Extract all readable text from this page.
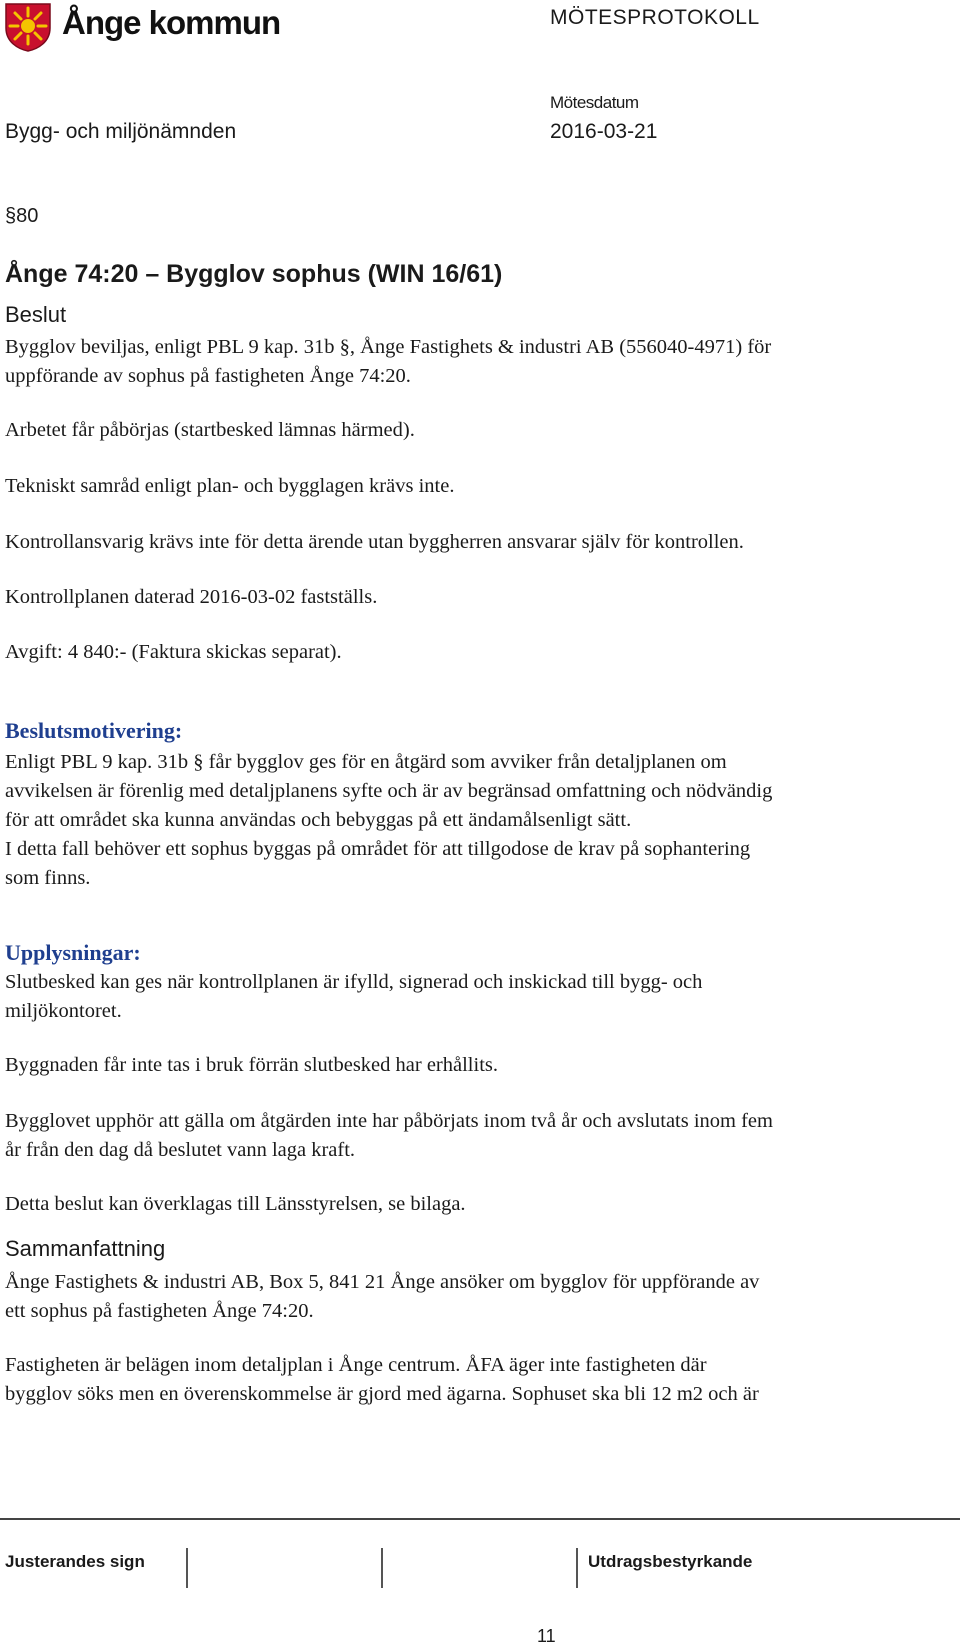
Ånge kommun	MÖTESPROTOKOLL
Mötesdatum
Bygg- och miljönämnden	2016-03-21
§80
Ånge 74:20 – Bygglov sophus (WIN 16/61)
Beslut

Bygglov beviljas, enligt PBL 9 kap. 31b §, Ånge Fastighets & industri AB (556040-4971) för

uppförande av sophus på fastigheten Ånge 74:20.

Arbetet får påbörjas (startbesked lämnas härmed).
Tekniskt samråd enligt plan- och bygglagen krävs inte.
Kontrollansvarig krävs inte för detta ärende utan byggherren ansvarar själv för kontrollen.
Kontrollplanen daterad 2016-03-02 fastställs.
Avgift: 4 840:- (Faktura skickas separat).
Beslutsmotivering:

Enligt PBL 9 kap. 31b § får bygglov ges för en åtgärd som avviker från detaljplanen om

avvikelsen är förenlig med detaljplanens syfte och är av begränsad omfattning och nödvändig

för att området ska kunna användas och bebyggas på ett ändamålsenligt sätt.

I detta fall behöver ett sophus byggas på området för att tillgodose de krav på sophantering

som finns.

Upplysningar:

Slutbesked kan ges när kontrollplanen är ifylld, signerad och inskickad till bygg- och

miljökontoret.

Byggnaden får inte tas i bruk förrän slutbesked har erhållits.

Bygglovet upphör att gälla om åtgärden inte har påbörjats inom två år och avslutats inom fem

år från den dag då beslutet vann laga kraft.

Detta beslut kan överklagas till Länsstyrelsen, se bilaga.

Sammanfattning

Ånge Fastighets & industri AB, Box 5, 841 21 Ånge ansöker om bygglov för uppförande av

ett sophus på fastigheten Ånge 74:20.

Fastigheten är belägen inom detaljplan i Ånge centrum. ÅFA äger inte fastigheten där

bygglov söks men en överenskommelse är gjord med ägarna. Sophuset ska bli 12 m2 och är

Justerandes sign	Utdragsbestyrkande
11
